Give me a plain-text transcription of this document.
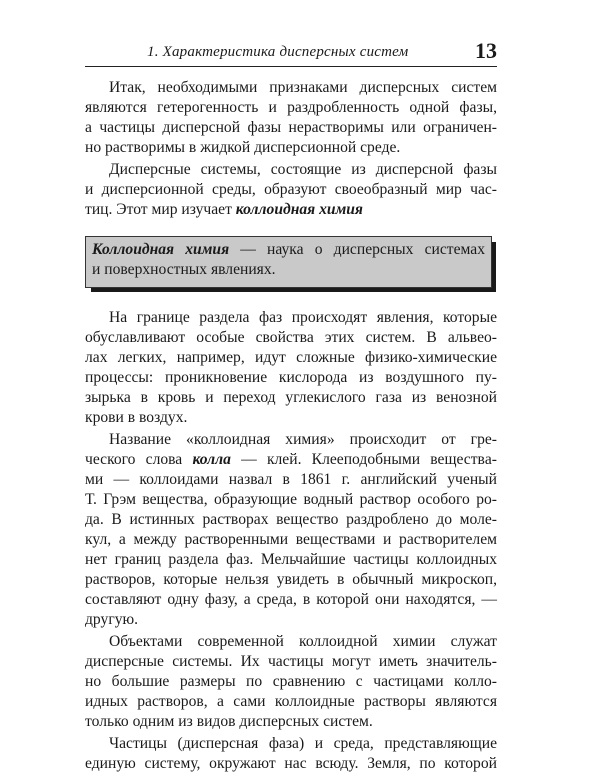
1. Характеристика дисперсных систем	13
Итак, необходимыми признаками дисперсных систем
являются гетерогенность и раздробленность одной фазы,
а частицы дисперсной фазы нерастворимы или ограничен-
но растворимы в жидкой дисперсионной среде.
Дисперсные системы, состоящие из дисперсной фазы
и дисперсионной среды, образуют своеобразный мир час-
тиц. Этот мир изучает коллоидная химия
Коллоидная химия — наука о дисперсных системах
и поверхностных явлениях.
На границе раздела фаз происходят явления, которые
обуславливают особые свойства этих систем. В альвео-
лах легких, например, идут сложные физико-химические
процессы: проникновение кислорода из воздушного пу-
зырька в кровь и переход углекислого газа из венозной
крови в воздух.
Название «коллоидная химия» происходит от гре-
ческого слова колла — клей. Клееподобными веществa-
ми — коллоидами назвал в 1861 г. английский ученый
Т. Грэм вещества, образующие водный раствор особого ро-
да. В истинных растворах вещество раздроблено до моле-
кул, а между растворенными веществами и растворителем
нет границ раздела фаз. Мельчайшие частицы коллоидных
растворов, которые нельзя увидеть в обычный микроскоп,
составляют одну фазу, а среда, в которой они находятся, —
другую.
Объектами современной коллоидной химии служат
дисперсные системы. Их частицы могут иметь значитель-
но большие размеры по сравнению с частицами колло-
идных растворов, а сами коллоидные растворы являются
только одним из видов дисперсных систем.
Частицы (дисперсная фаза) и среда, представляющие
единую систему, окружают нас всюду. Земля, по которой
